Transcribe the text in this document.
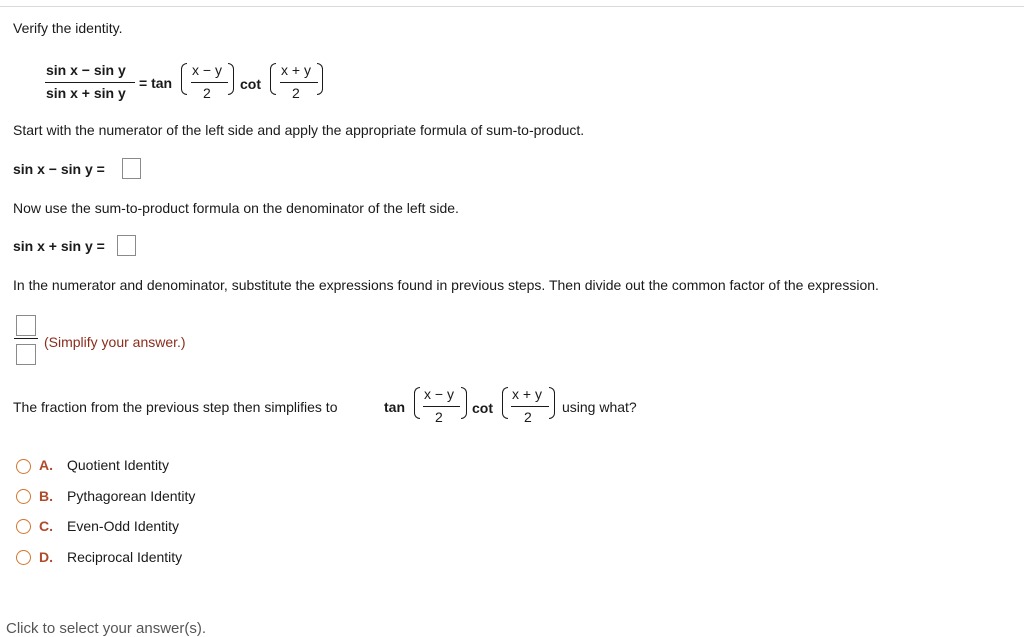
Verify the identity.
sin x − sin y
sin x + sin y
= tan
x − y
2
cot
x + y
2
Start with the numerator of the left side and apply the appropriate formula of sum-to-product.
sin x − sin y =
Now use the sum-to-product formula on the denominator of the left side.
sin x + sin y =
In the numerator and denominator, substitute the expressions found in previous steps. Then divide out the common factor of the expression.
(Simplify your answer.)
The fraction from the previous step then simplifies to	tan
x − y
2
cot
x + y
2
using what?
A. Quotient Identity
B. Pythagorean Identity
C. Even-Odd Identity
D. Reciprocal Identity
Click to select your answer(s).
